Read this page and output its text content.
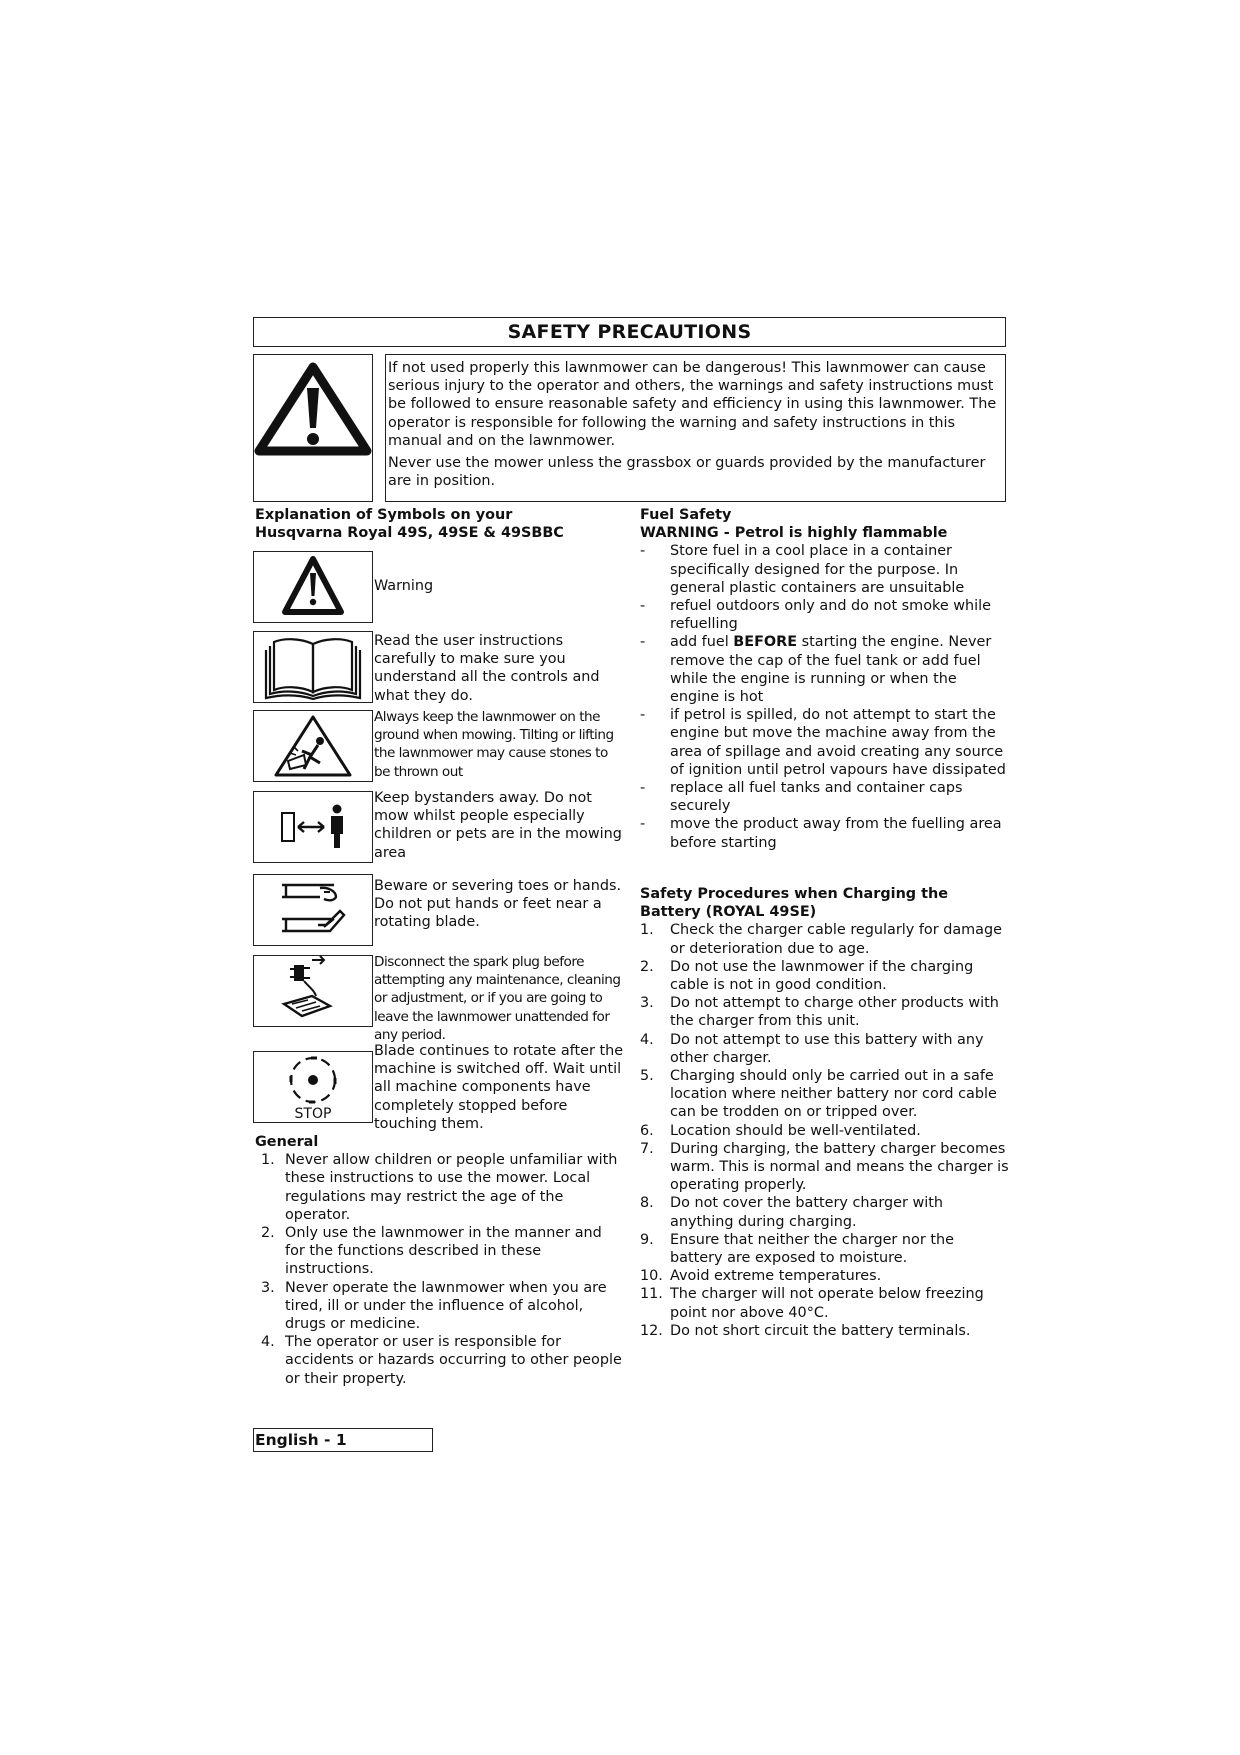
SAFETY PRECAUTIONS

If not used properly this lawnmower can be dangerous! This lawnmower can cause serious injury to the operator and others, the warnings and safety instructions must be followed to ensure reasonable safety and efficiency in using this lawnmower. The operator is responsible for following the warning and safety instructions in this manual and on the lawnmower.

Never use the mower unless the grassbox or guards provided by the manufacturer are in position.

Explanation of Symbols on your
Husqvarna Royal 49S, 49SE & 49SBBC
Warning
Read the user instructions carefully to make sure you understand all the controls and what they do.
Always keep the lawnmower on the ground when mowing. Tilting or lifting the lawnmower may cause stones to be thrown out
Keep bystanders away. Do not mow whilst people especially children or pets are in the mowing area
Beware or severing toes or hands. Do not put hands or feet near a rotating blade.
Disconnect the spark plug before attempting any maintenance, cleaning or adjustment, or if you are going to leave the lawnmower unattended for any period.
STOP
Blade continues to rotate after the machine is switched off. Wait until all machine components have completely stopped before touching them.
General
1. Never allow children or people unfamiliar with these instructions to use the mower. Local regulations may restrict the age of the operator.
2. Only use the lawnmower in the manner and for the functions described in these instructions.
3. Never operate the lawnmower when you are tired, ill or under the influence of alcohol, drugs or medicine.
4. The operator or user is responsible for accidents or hazards occurring to other people or their property.
Fuel Safety
WARNING - Petrol is highly flammable
- Store fuel in a cool place in a container specifically designed for the purpose. In general plastic containers are unsuitable
- refuel outdoors only and do not smoke while refuelling
- add fuel BEFORE starting the engine. Never remove the cap of the fuel tank or add fuel while the engine is running or when the engine is hot
- if petrol is spilled, do not attempt to start the engine but move the machine away from the area of spillage and avoid creating any source of ignition until petrol vapours have dissipated
- replace all fuel tanks and container caps securely
- move the product away from the fuelling area before starting
Safety Procedures when Charging the
Battery (ROYAL 49SE)
1. Check the charger cable regularly for damage or deterioration due to age.
2. Do not use the lawnmower if the charging cable is not in good condition.
3. Do not attempt to charge other products with the charger from this unit.
4. Do not attempt to use this battery with any other charger.
5. Charging should only be carried out in a safe location where neither battery nor cord cable can be trodden on or tripped over.
6. Location should be well-ventilated.
7. During charging, the battery charger becomes warm. This is normal and means the charger is operating properly.
8. Do not cover the battery charger with anything during charging.
9. Ensure that neither the charger nor the battery are exposed to moisture.
10. Avoid extreme temperatures.
11. The charger will not operate below freezing point nor above 40°C.
12. Do not short circuit the battery terminals.
English - 1
